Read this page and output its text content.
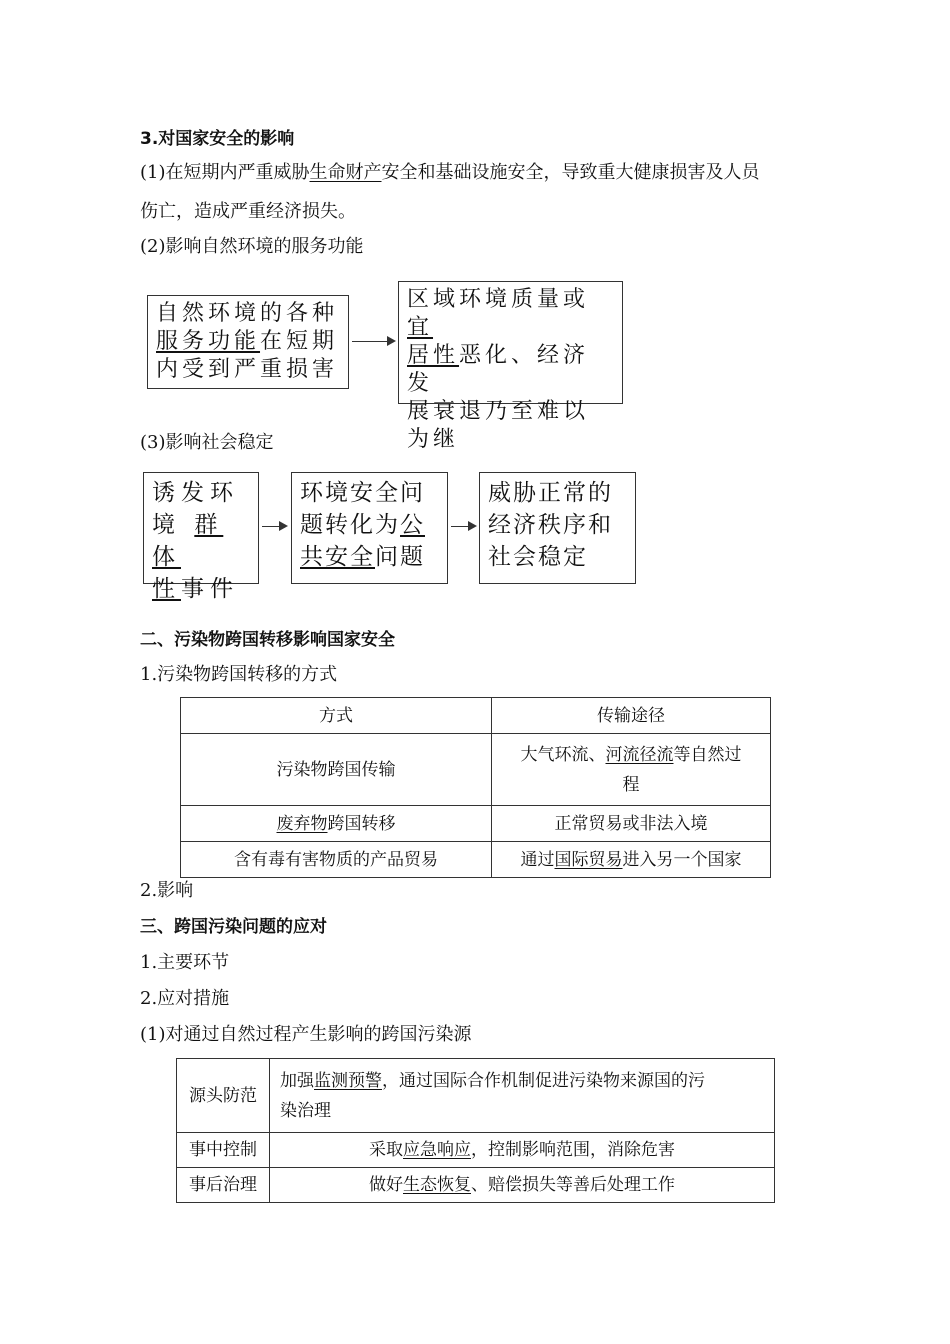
3.对国家安全的影响
(1)在短期内严重威胁生命财产安全和基础设施安全，导致重大健康损害及人员
伤亡，造成严重经济损失。
(2)影响自然环境的服务功能
自然环境的各种
服务功能在短期
内受到严重损害
区域环境质量或宜
居性恶化、经济发
展衰退乃至难以
为继
(3)影响社会稳定
诱发环
境 群体
性事件
环境安全问
题转化为公
共安全问题
威胁正常的
经济秩序和
社会稳定
二、污染物跨国转移影响国家安全
1.污染物跨国转移的方式
方式	传输途径
污染物跨国传输	大气环流、河流径流等自然过
程
废弃物跨国转移	正常贸易或非法入境
含有毒有害物质的产品贸易	通过国际贸易进入另一个国家
2.影响
三、跨国污染问题的应对
1.主要环节
2.应对措施
(1)对通过自然过程产生影响的跨国污染源
源头防范	加强监测预警，通过国际合作机制促进污染物来源国的污
染治理
事中控制	采取应急响应，控制影响范围，消除危害
事后治理	做好生态恢复、赔偿损失等善后处理工作
